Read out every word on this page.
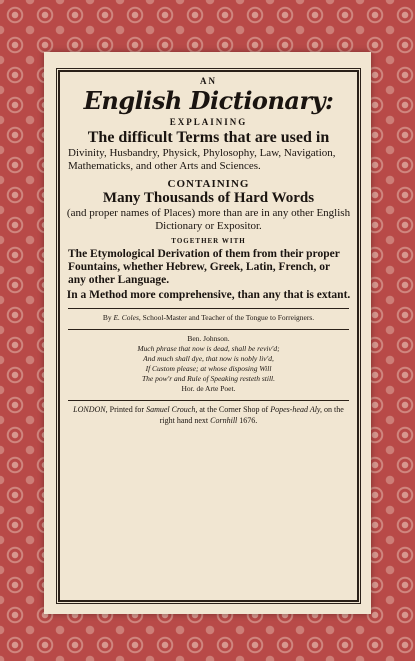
AN
English Dictionary:
EXPLAINING
The difficult Terms that are used in
Divinity, Husbandry, Physick, Phylosophy, Law, Navigation, Mathematicks, and other Arts and Sciences.
CONTAINING
Many Thousands of Hard Words
(and proper names of Places) more than are in any other English Dictionary or Expositor.
TOGETHER WITH
The Etymological Derivation of them from their proper Fountains, whether Hebrew, Greek, Latin, French, or any other Language.
In a Method more comprehensive, than any that is extant.
By E. Coles, School-Master and Teacher of the Tongue to Forreigners.
Ben. Johnson.
Much phrase that now is dead, shall be reviv'd;
And much shall dye, that now is nobly liv'd,
If Custom please; at whose disposing Will
The pow'r and Rule of Speaking resteth still.
Hor. de Arte Poet.
LONDON, Printed for Samuel Crouch, at the Corner Shop of Popes-head Aly, on the right hand next Cornhill 1676.
